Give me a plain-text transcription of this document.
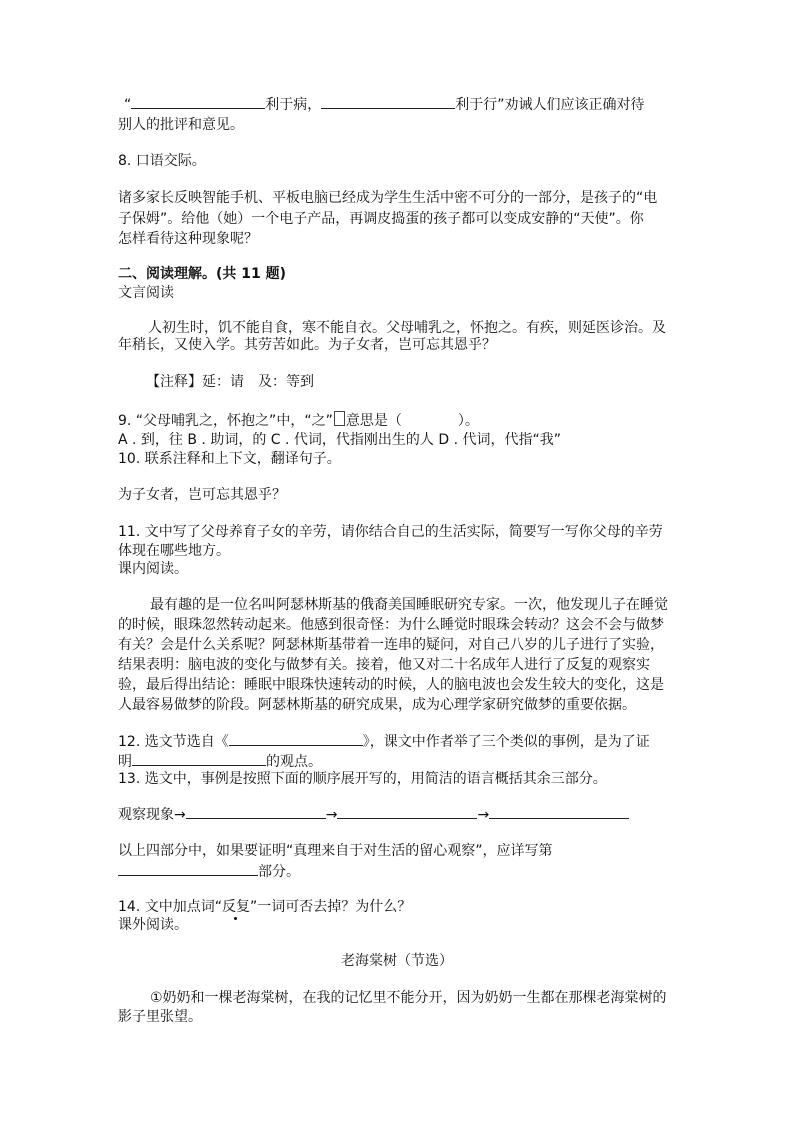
“	利于病，	利于行”劝诫人们应该正确对待
别人的批评和意见。
8. 口语交际。
诸多家长反映智能手机、平板电脑已经成为学生生活中密不可分的一部分，是孩子的“电
子保姆”。给他（她）一个电子产品，再调皮捣蛋的孩子都可以变成安静的“天使”。你
怎样看待这种现象呢？
二、阅读理解。(共 11 题)
文言阅读
人初生时，饥不能自食，寒不能自衣。父母哺乳之，怀抱之。有疾，则延医诊治。及
年稍长，又使入学。其劳苦如此。为子女者，岂可忘其恩乎？
【注释】延：请　及：等到
9. “父母哺乳之，怀抱之”中，“之” 意思是（　　　　）。
A . 到，往 B . 助词，的 C . 代词，代指刚出生的人 D . 代词，代指“我”
10. 联系注释和上下文，翻译句子。
为子女者，岂可忘其恩乎？
11. 文中写了父母养育子女的辛劳，请你结合自己的生活实际，简要写一写你父母的辛劳
体现在哪些地方。
课内阅读。
最有趣的是一位名叫阿瑟林斯基的俄裔美国睡眠研究专家。一次，他发现儿子在睡觉
的时候，眼珠忽然转动起来。他感到很奇怪：为什么睡觉时眼珠会转动？这会不会与做梦
有关？会是什么关系呢？阿瑟林斯基带着一连串的疑问，对自己八岁的儿子进行了实验，
结果表明：脑电波的变化与做梦有关。接着，他又对二十名成年人进行了反复的观察实
验，最后得出结论：睡眠中眼珠快速转动的时候，人的脑电波也会发生较大的变化，这是
人最容易做梦的阶段。阿瑟林斯基的研究成果，成为心理学家研究做梦的重要依据。
12. 选文节选自《	》，课文中作者举了三个类似的事例，是为了证
明	的观点。
13. 选文中，事例是按照下面的顺序展开写的，用简洁的语言概括其余三部分。
观察现象→	→	→
以上四部分中，如果要证明“真理来自于对生活的留心观察”，应详写第
部分。
14. 文中加点词“反复”一词可否去掉？为什么？
课外阅读。
老海棠树（节选）
①奶奶和一棵老海棠树，在我的记忆里不能分开，因为奶奶一生都在那棵老海棠树的
影子里张望。
